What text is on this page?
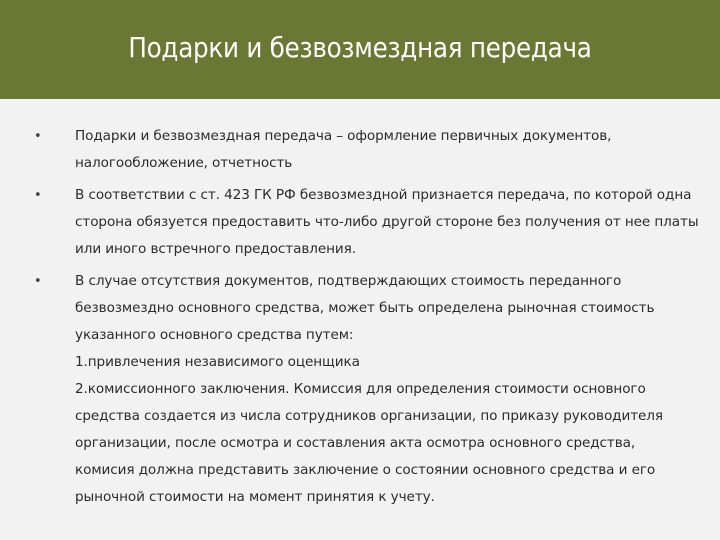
Подарки и безвозмездная передача
• Подарки и безвозмездная передача – оформление первичных документов,
налогообложение, отчетность
• В соответствии с ст. 423 ГК РФ безвозмездной признается передача, по которой одна
сторона обязуется предоставить что-либо другой стороне без получения от нее платы
или иного встречного предоставления.
• В случае отсутствия документов, подтверждающих стоимость переданного
безвозмездно основного средства, может быть определена рыночная стоимость
указанного основного средства путем:
1.привлечения независимого оценщика
2.комиссионного заключения. Комиссия для определения стоимости основного
средства создается из числа сотрудников организации, по приказу руководителя
организации, после осмотра и составления акта осмотра основного средства,
комисия должна представить заключение о состоянии основного средства и его
рыночной стоимости на момент принятия к учету.
